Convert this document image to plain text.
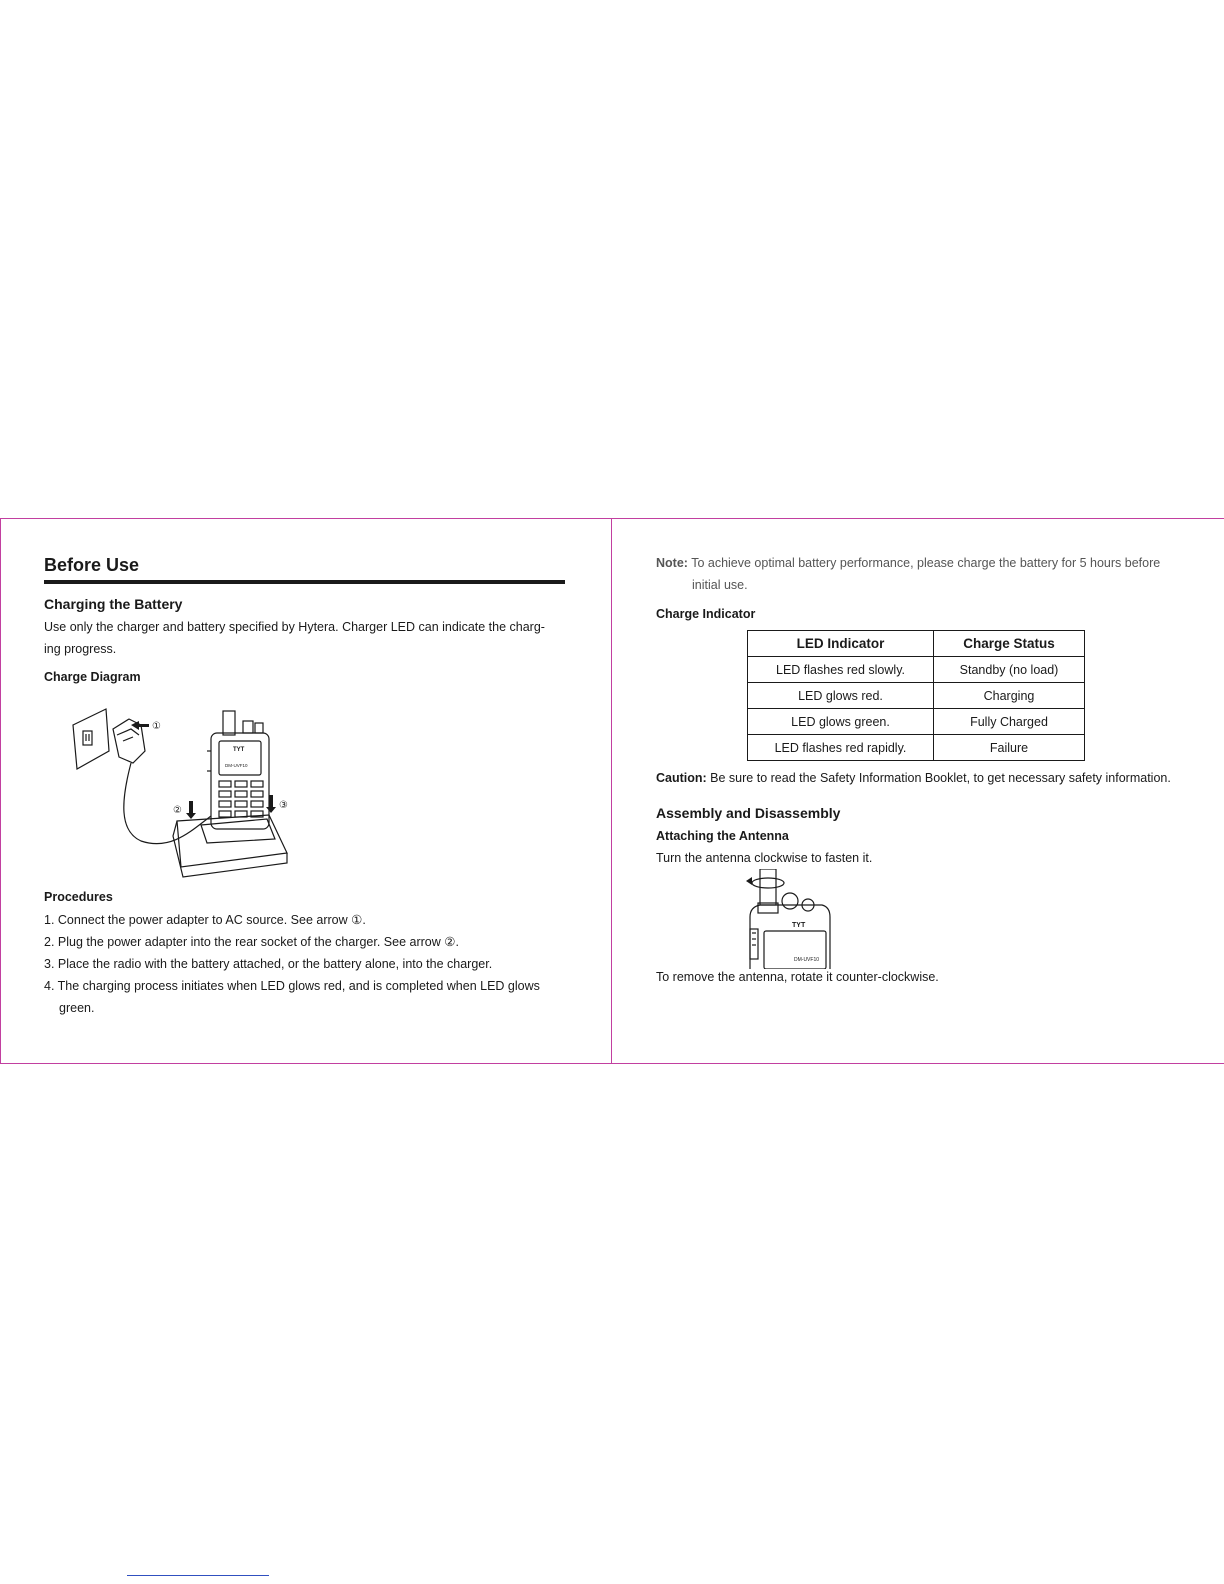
Before Use
Charging the Battery
Use only the charger and battery specified by Hytera. Charger LED can indicate the charg-
ing progress.
Charge Diagram
①
②	③
TYT
DM-UVF10
Procedures
1. Connect the power adapter to AC source. See arrow ①.
2. Plug the power adapter into the rear socket of the charger. See arrow ②.
3. Place the radio with the battery attached, or the battery alone, into the charger.
4. The charging process initiates when LED glows red, and is completed when LED glows
green.
Note: To achieve optimal battery performance, please charge the battery for 5 hours before
initial use.
Charge Indicator
LED Indicator	Charge Status
LED flashes red slowly.	Standby (no load)
LED glows red.	Charging
LED glows green.	Fully Charged
LED flashes red rapidly.	Failure
Caution: Be sure to read the Safety Information Booklet, to get necessary safety information.
Assembly and Disassembly
Attaching the Antenna
Turn the antenna clockwise to fasten it.
TYT
DM-UVF10
To remove the antenna, rotate it counter-clockwise.
